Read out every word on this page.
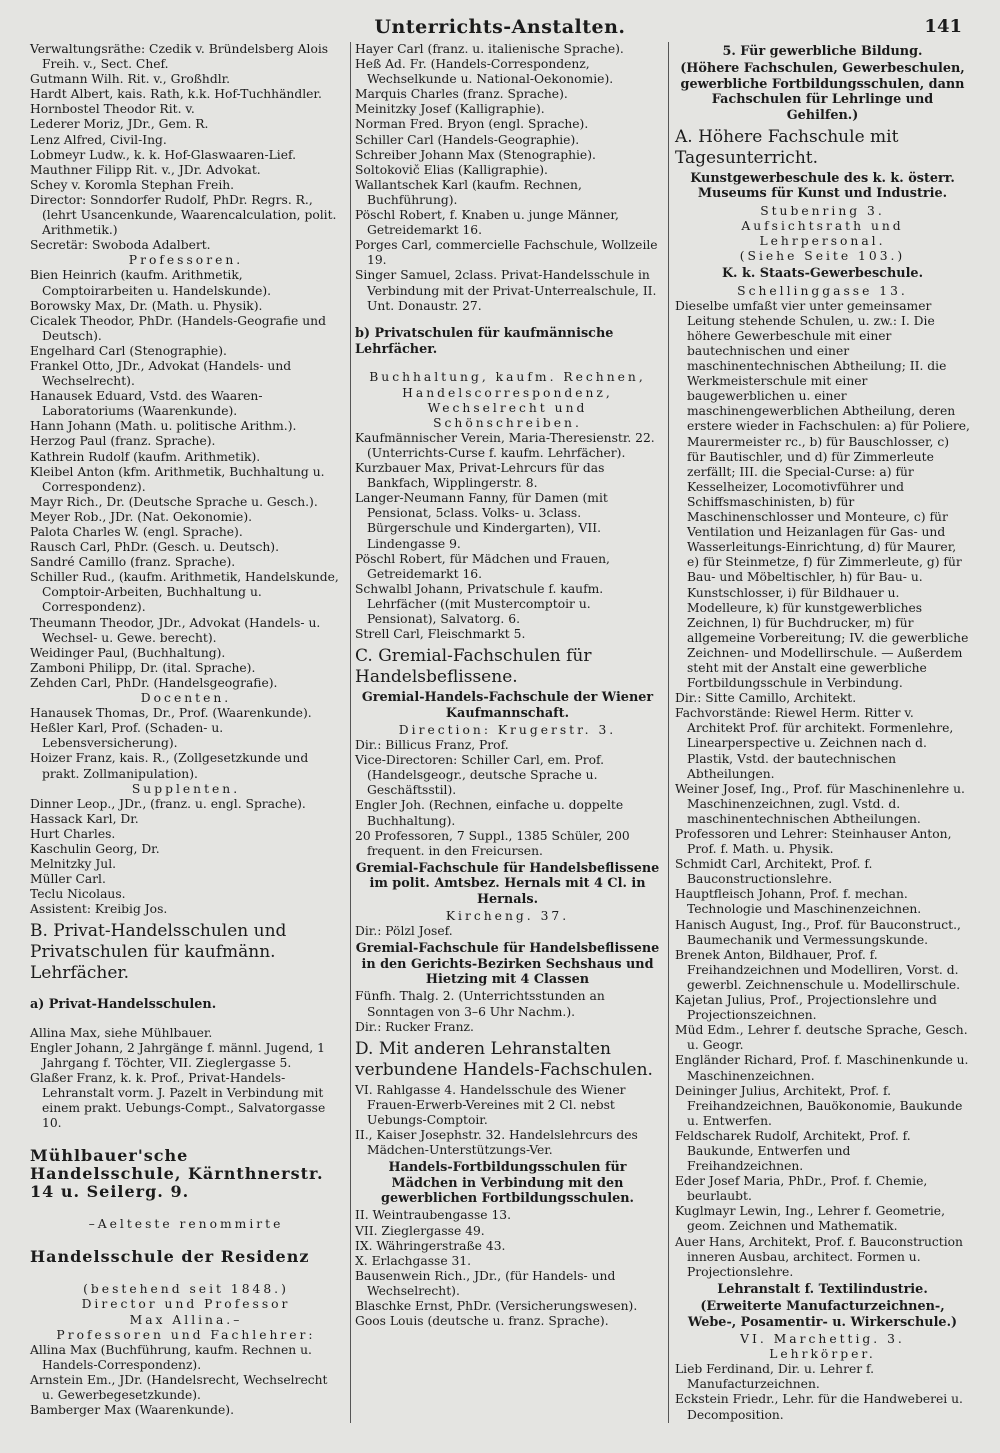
Unterrichts-Anstalten.	141

Verwaltungsräthe: Czedik v. Bründelsberg Alois Freih. v., Sect. Chef.

Gutmann Wilh. Rit. v., Großhdlr.

Hardt Albert, kais. Rath, k.k. Hof-Tuchhändler.

Hornbostel Theodor Rit. v.

Lederer Moriz, JDr., Gem. R.

Lenz Alfred, Civil-Ing.

Lobmeyr Ludw., k. k. Hof-Glaswaaren-Lief.

Mauthner Filipp Rit. v., JDr. Advokat.

Schey v. Koromla Stephan Freih.

Director: Sonndorfer Rudolf, PhDr. Regrs. R., (lehrt Usancenkunde, Waarencalculation, polit. Arithmetik.)

Secretär: Swoboda Adalbert.

Professoren.

Bien Heinrich (kaufm. Arithmetik, Comptoirarbeiten u. Handelskunde).

Borowsky Max, Dr. (Math. u. Physik).

Cicalek Theodor, PhDr. (Handels-Geografie und Deutsch).

Engelhard Carl (Stenographie).

Frankel Otto, JDr., Advokat (Handels- und Wechselrecht).

Hanausek Eduard, Vstd. des Waaren-Laboratoriums (Waarenkunde).

Hann Johann (Math. u. politische Arithm.).

Herzog Paul (franz. Sprache).

Kathrein Rudolf (kaufm. Arithmetik).

Kleibel Anton (kfm. Arithmetik, Buchhaltung u. Correspondenz).

Mayr Rich., Dr. (Deutsche Sprache u. Gesch.).

Meyer Rob., JDr. (Nat. Oekonomie).

Palota Charles W. (engl. Sprache).

Rausch Carl, PhDr. (Gesch. u. Deutsch).

Sandré Camillo (franz. Sprache).

Schiller Rud., (kaufm. Arithmetik, Handelskunde, Comptoir-Arbeiten, Buchhaltung u. Correspondenz).

Theumann Theodor, JDr., Advokat (Handels- u. Wechsel- u. Gewe. berecht).

Weidinger Paul, (Buchhaltung).

Zamboni Philipp, Dr. (ital. Sprache).

Zehden Carl, PhDr. (Handelsgeografie).

Docenten.

Hanausek Thomas, Dr., Prof. (Waarenkunde).

Heßler Karl, Prof. (Schaden- u. Lebensversicherung).

Hoizer Franz, kais. R., (Zollgesetzkunde und prakt. Zollmanipulation).

Supplenten.

Dinner Leop., JDr., (franz. u. engl. Sprache).

Hassack Karl, Dr.

Hurt Charles.

Kaschulin Georg, Dr.

Melnitzky Jul.

Müller Carl.

Teclu Nicolaus.

Assistent: Kreibig Jos.

B. Privat-Handelsschulen und Privatschulen für kaufmänn. Lehrfächer.

a) Privat-Handelsschulen.

Allina Max, siehe Mühlbauer.

Engler Johann, 2 Jahrgänge f. männl. Jugend, 1 Jahrgang f. Töchter, VII. Zieglergasse 5.

Glaßer Franz, k. k. Prof., Privat-Handels-Lehranstalt vorm. J. Pazelt in Verbindung mit einem prakt. Uebungs-Compt., Salvatorgasse 10.

Mühlbauer'sche Handelsschule, Kärnthnerstr. 14 u. Seilerg. 9.

–Aelteste renommirte

Handelsschule der Residenz

(bestehend seit 1848.)

Director und Professor

Max Allina.–

Professoren und Fachlehrer:

Allina Max (Buchführung, kaufm. Rechnen u. Handels-Correspondenz).

Arnstein Em., JDr. (Handelsrecht, Wechselrecht u. Gewerbegesetzkunde).

Bamberger Max (Waarenkunde).

Hayer Carl (franz. u. italienische Sprache).

Heß Ad. Fr. (Handels-Correspondenz, Wechselkunde u. National-Oekonomie).

Marquis Charles (franz. Sprache).

Meinitzky Josef (Kalligraphie).

Norman Fred. Bryon (engl. Sprache).

Schiller Carl (Handels-Geographie).

Schreiber Johann Max (Stenographie).

Soltokovič Elias (Kalligraphie).

Wallantschek Karl (kaufm. Rechnen, Buchführung).

Pöschl Robert, f. Knaben u. junge Männer, Getreidemarkt 16.

Porges Carl, commercielle Fachschule, Wollzeile 19.

Singer Samuel, 2class. Privat-Handelsschule in Verbindung mit der Privat-Unterrealschule, II. Unt. Donaustr. 27.

b) Privatschulen für kaufmännische Lehrfächer.

Buchhaltung, kaufm. Rechnen, Handelscorrespondenz, Wechselrecht und Schönschreiben.

Kaufmännischer Verein, Maria-Theresienstr. 22. (Unterrichts-Curse f. kaufm. Lehrfächer).

Kurzbauer Max, Privat-Lehrcurs für das Bankfach, Wipplingerstr. 8.

Langer-Neumann Fanny, für Damen (mit Pensionat, 5class. Volks- u. 3class. Bürgerschule und Kindergarten), VII. Lindengasse 9.

Pöschl Robert, für Mädchen und Frauen, Getreidemarkt 16.

Schwalbl Johann, Privatschule f. kaufm. Lehrfächer ((mit Mustercomptoir u. Pensionat), Salvatorg. 6.

Strell Carl, Fleischmarkt 5.

C. Gremial-Fachschulen für Handelsbeflissene.

Gremial-Handels-Fachschule der Wiener Kaufmannschaft.

Direction: Krugerstr. 3.

Dir.: Billicus Franz, Prof.

Vice-Directoren: Schiller Carl, em. Prof. (Handelsgeogr., deutsche Sprache u. Geschäftsstil).

Engler Joh. (Rechnen, einfache u. doppelte Buchhaltung).

20 Professoren, 7 Suppl., 1385 Schüler, 200 frequent. in den Freicursen.

Gremial-Fachschule für Handelsbeflissene im polit. Amtsbez. Hernals mit 4 Cl. in Hernals.

Kircheng. 37.

Dir.: Pölzl Josef.

Gremial-Fachschule für Handelsbeflissene in den Gerichts-Bezirken Sechshaus und Hietzing mit 4 Classen

Fünfh. Thalg. 2. (Unterrichtsstunden an Sonntagen von 3–6 Uhr Nachm.).

Dir.: Rucker Franz.

D. Mit anderen Lehranstalten verbundene Handels-Fachschulen.

VI. Rahlgasse 4. Handelsschule des Wiener Frauen-Erwerb-Vereines mit 2 Cl. nebst Uebungs-Comptoir.

II., Kaiser Josephstr. 32. Handelslehrcurs des Mädchen-Unterstützungs-Ver.

Handels-Fortbildungsschulen für Mädchen in Verbindung mit den gewerblichen Fortbildungsschulen.

II. Weintraubengasse 13.

VII. Zieglergasse 49.

IX. Währingerstraße 43.

X. Erlachgasse 31.

Bausenwein Rich., JDr., (für Handels- und Wechselrecht).

Blaschke Ernst, PhDr. (Versicherungswesen).

Goos Louis (deutsche u. franz. Sprache).

5. Für gewerbliche Bildung.

(Höhere Fachschulen, Gewerbeschulen, gewerbliche Fortbildungsschulen, dann Fachschulen für Lehrlinge und Gehilfen.)

A. Höhere Fachschule mit Tagesunterricht.

Kunstgewerbeschule des k. k. österr. Museums für Kunst und Industrie.

Stubenring 3.

Aufsichtsrath und Lehrpersonal.

(Siehe Seite 103.)

K. k. Staats-Gewerbeschule.

Schellinggasse 13.

Dieselbe umfaßt vier unter gemeinsamer Leitung stehende Schulen, u. zw.: I. Die höhere Gewerbeschule mit einer bautechnischen und einer maschinentechnischen Abtheilung; II. die Werkmeisterschule mit einer baugewerblichen u. einer maschinengewerblichen Abtheilung, deren erstere wieder in Fachschulen: a) für Poliere, Maurermeister rc., b) für Bauschlosser, c) für Bautischler, und d) für Zimmerleute zerfällt; III. die Special-Curse: a) für Kesselheizer, Locomotivführer und Schiffsmaschinisten, b) für Maschinenschlosser und Monteure, c) für Ventilation und Heizanlagen für Gas- und Wasserleitungs-Einrichtung, d) für Maurer, e) für Steinmetze, f) für Zimmerleute, g) für Bau- und Möbeltischler, h) für Bau- u. Kunstschlosser, i) für Bildhauer u. Modelleure, k) für kunstgewerbliches Zeichnen, l) für Buchdrucker, m) für allgemeine Vorbereitung; IV. die gewerbliche Zeichnen- und Modellirschule. — Außerdem steht mit der Anstalt eine gewerbliche Fortbildungsschule in Verbindung.

Dir.: Sitte Camillo, Architekt.

Fachvorstände: Riewel Herm. Ritter v. Architekt Prof. für architekt. Formenlehre, Linearperspective u. Zeichnen nach d. Plastik, Vstd. der bautechnischen Abtheilungen.

Weiner Josef, Ing., Prof. für Maschinenlehre u. Maschinenzeichnen, zugl. Vstd. d. maschinentechnischen Abtheilungen.

Professoren und Lehrer: Steinhauser Anton, Prof. f. Math. u. Physik.

Schmidt Carl, Architekt, Prof. f. Bauconstructionslehre.

Hauptfleisch Johann, Prof. f. mechan. Technologie und Maschinenzeichnen.

Hanisch August, Ing., Prof. für Bauconstruct., Baumechanik und Vermessungskunde.

Brenek Anton, Bildhauer, Prof. f. Freihandzeichnen und Modelliren, Vorst. d. gewerbl. Zeichnenschule u. Modellirschule.

Kajetan Julius, Prof., Projectionslehre und Projectionszeichnen.

Müd Edm., Lehrer f. deutsche Sprache, Gesch. u. Geogr.

Engländer Richard, Prof. f. Maschinenkunde u. Maschinenzeichnen.

Deininger Julius, Architekt, Prof. f. Freihandzeichnen, Bauökonomie, Baukunde u. Entwerfen.

Feldscharek Rudolf, Architekt, Prof. f. Baukunde, Entwerfen und Freihandzeichnen.

Eder Josef Maria, PhDr., Prof. f. Chemie, beurlaubt.

Kuglmayr Lewin, Ing., Lehrer f. Geometrie, geom. Zeichnen und Mathematik.

Auer Hans, Architekt, Prof. f. Bauconstruction inneren Ausbau, architect. Formen u. Projectionslehre.

Lehranstalt f. Textilindustrie.

(Erweiterte Manufacturzeichnen-, Webe-, Posamentir- u. Wirkerschule.)

VI. Marchettig. 3.

Lehrkörper.

Lieb Ferdinand, Dir. u. Lehrer f. Manufacturzeichnen.

Eckstein Friedr., Lehr. für die Handweberei u. Decomposition.
